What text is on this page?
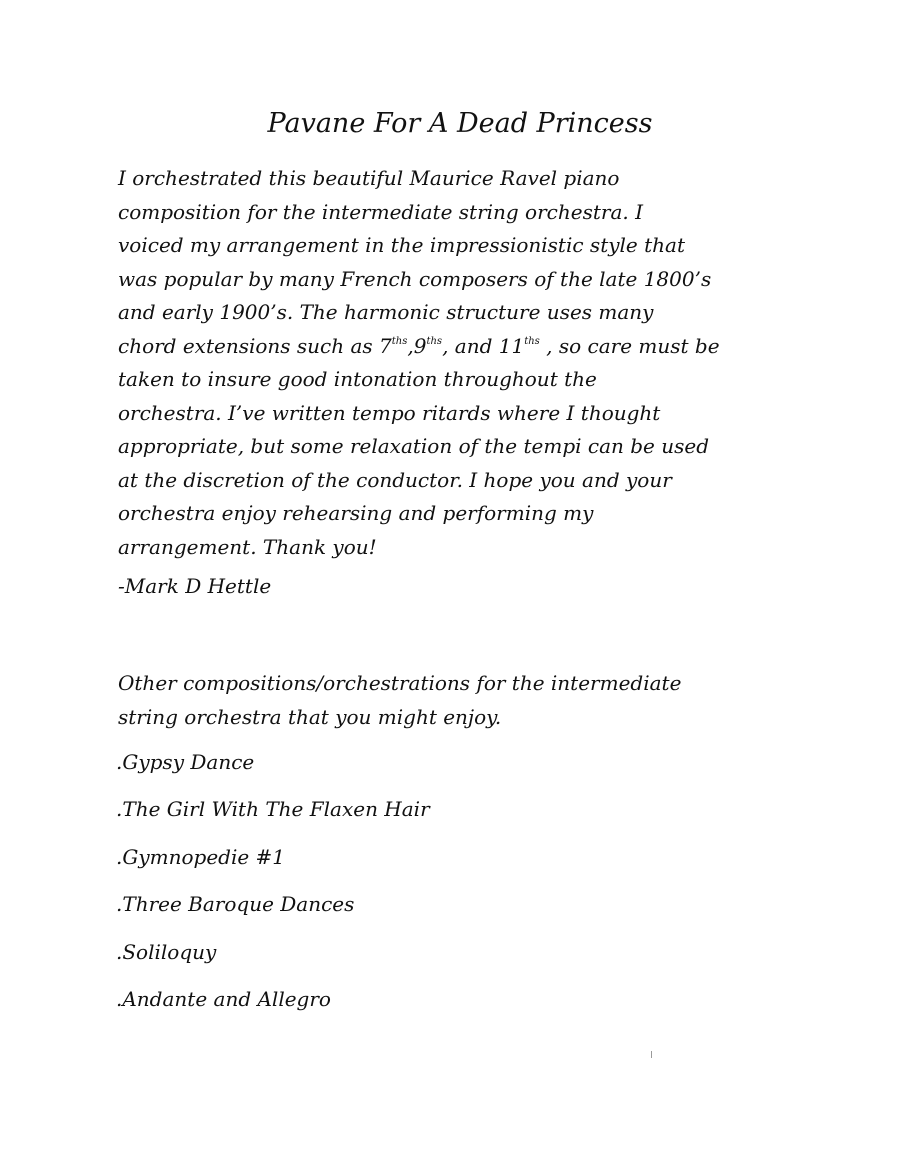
Pavane For A Dead Princess

I orchestrated this beautiful Maurice Ravel piano
composition for the intermediate string orchestra. I
voiced my arrangement in the impressionistic style that
was popular by many French composers of the late 1800’s
and early 1900’s. The harmonic structure uses many
chord extensions such as $7^{ths},9^{ths}$, and $11^{ths}$ , so care must be
taken to insure good intonation throughout the
orchestra. I’ve written tempo ritards where I thought
appropriate, but some relaxation of the tempi can be used
at the discretion of the conductor. I hope you and your
orchestra enjoy rehearsing and performing my
arrangement. Thank you!

-Mark D Hettle

Other compositions/orchestrations for the intermediate
string orchestra that you might enjoy.

.Gypsy Dance
.The Girl With The Flaxen Hair
.Gymnopedie #1
.Three Baroque Dances
.Soliloquy
.Andante and Allegro
